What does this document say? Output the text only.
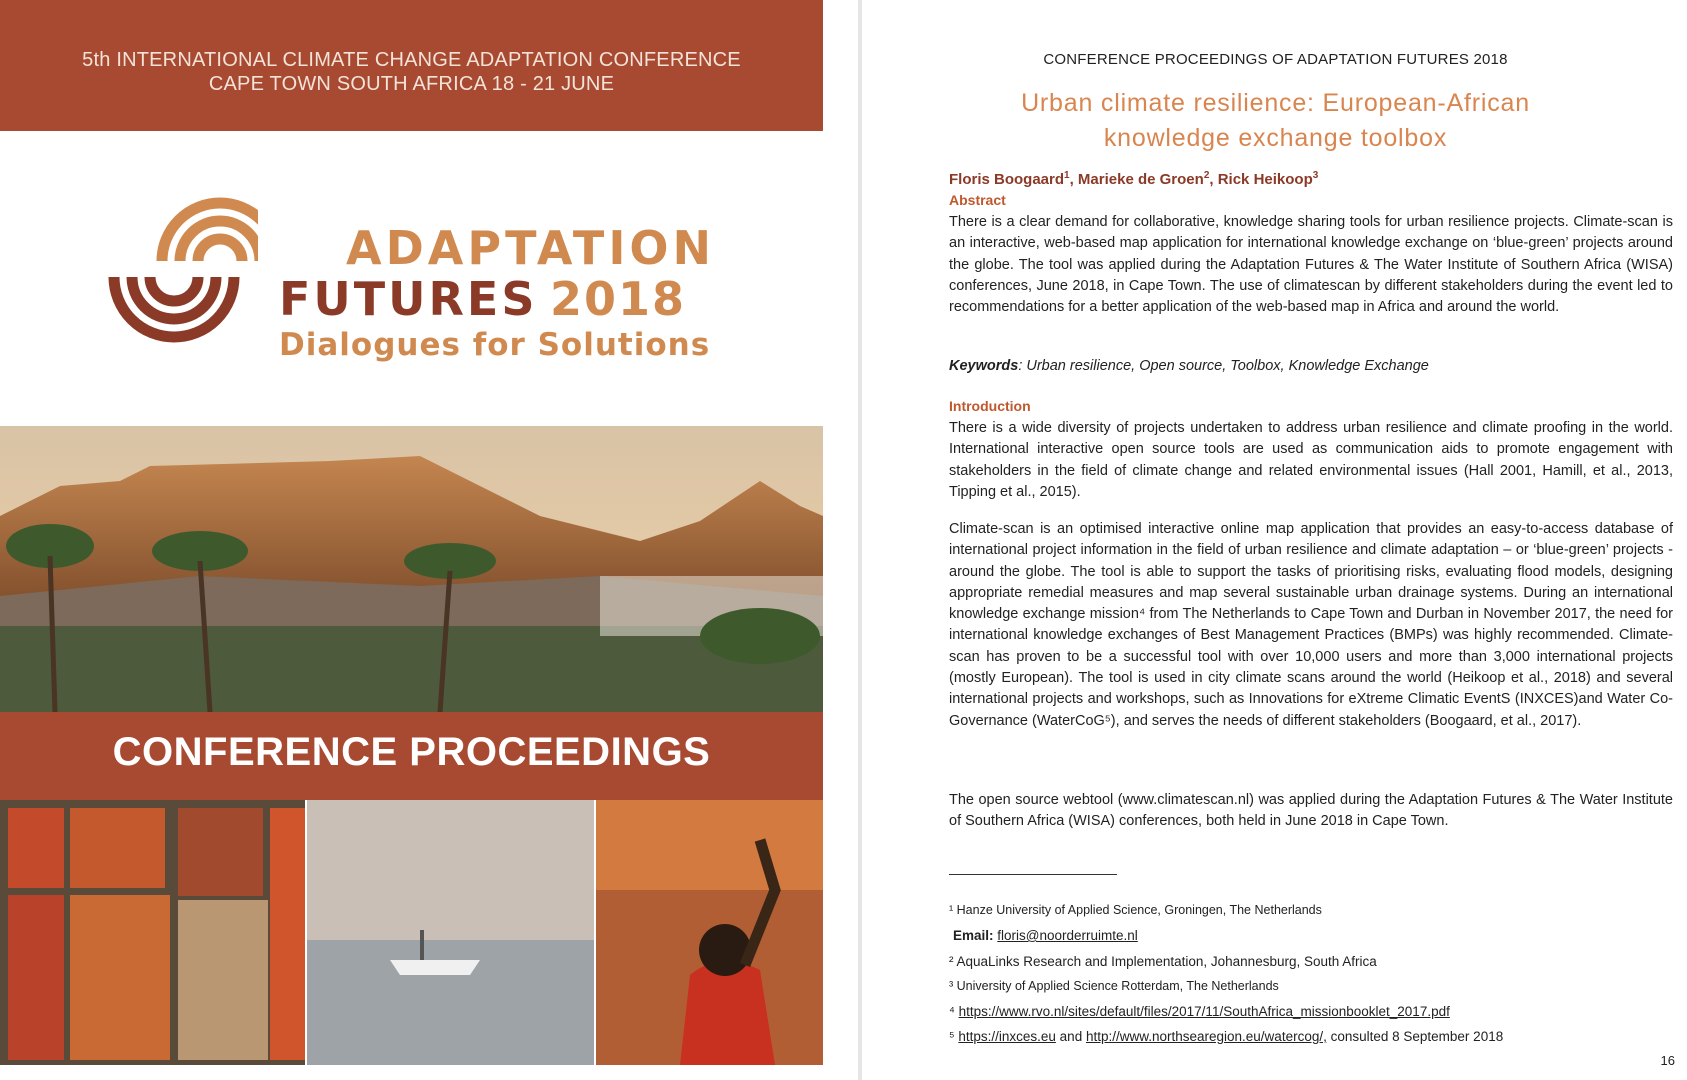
5th INTERNATIONAL CLIMATE CHANGE ADAPTATION CONFERENCE
CAPE TOWN SOUTH AFRICA 18 - 21 JUNE
ADAPTATION
FUTURES 2018
Dialogues for Solutions
CONFERENCE PROCEEDINGS
CONFERENCE PROCEEDINGS OF ADAPTATION FUTURES 2018
Urban climate resilience: European-African
knowledge exchange toolbox
Floris Boogaard$^1$, Marieke de Groen$^2$, Rick Heikoop$^3$
Abstract
There is a clear demand for collaborative, knowledge sharing tools for urban resilience projects. Climate-scan is an interactive, web-based map application for international knowledge exchange on ‘blue-green’ projects around the globe. The tool was applied during the Adaptation Futures & The Water Institute of Southern Africa (WISA) conferences, June 2018, in Cape Town. The use of climatescan by different stakeholders during the event led to recommendations for a better application of the web-based map in Africa and around the world.
Keywords: Urban resilience, Open source, Toolbox, Knowledge Exchange
Introduction
There is a wide diversity of projects undertaken to address urban resilience and climate proofing in the world. International interactive open source tools are used as communication aids to promote engagement with stakeholders in the field of climate change and related environmental issues (Hall 2001, Hamill, et al., 2013, Tipping et al., 2015).
Climate-scan is an optimised interactive online map application that provides an easy-to-access database of international project information in the field of urban resilience and climate adaptation – or ‘blue-green’ projects - around the globe. The tool is able to support the tasks of prioritising risks, evaluating flood models, designing appropriate remedial measures and map several sustainable urban drainage systems. During an international knowledge exchange mission⁴ from The Netherlands to Cape Town and Durban in November 2017, the need for international knowledge exchanges of Best Management Practices (BMPs) was highly recommended. Climate-scan has proven to be a successful tool with over 10,000 users and more than 3,000 international projects (mostly European). The tool is used in city climate scans around the world (Heikoop et al., 2018) and several international projects and workshops, such as Innovations for eXtreme Climatic EventS (INXCES)and Water Co-Governance (WaterCoG⁵), and serves the needs of different stakeholders (Boogaard, et al., 2017).
The open source webtool (www.climatescan.nl) was applied during the Adaptation Futures & The Water Institute of Southern Africa (WISA) conferences, both held in June 2018 in Cape Town.
¹ Hanze University of Applied Science, Groningen, The Netherlands
Email: floris@noorderruimte.nl
² AquaLinks Research and Implementation, Johannesburg, South Africa
³ University of Applied Science Rotterdam, The Netherlands
⁴ https://www.rvo.nl/sites/default/files/2017/11/SouthAfrica_missionbooklet_2017.pdf
⁵ https://inxces.eu and http://www.northsearegion.eu/watercog/, consulted 8 September 2018
16
